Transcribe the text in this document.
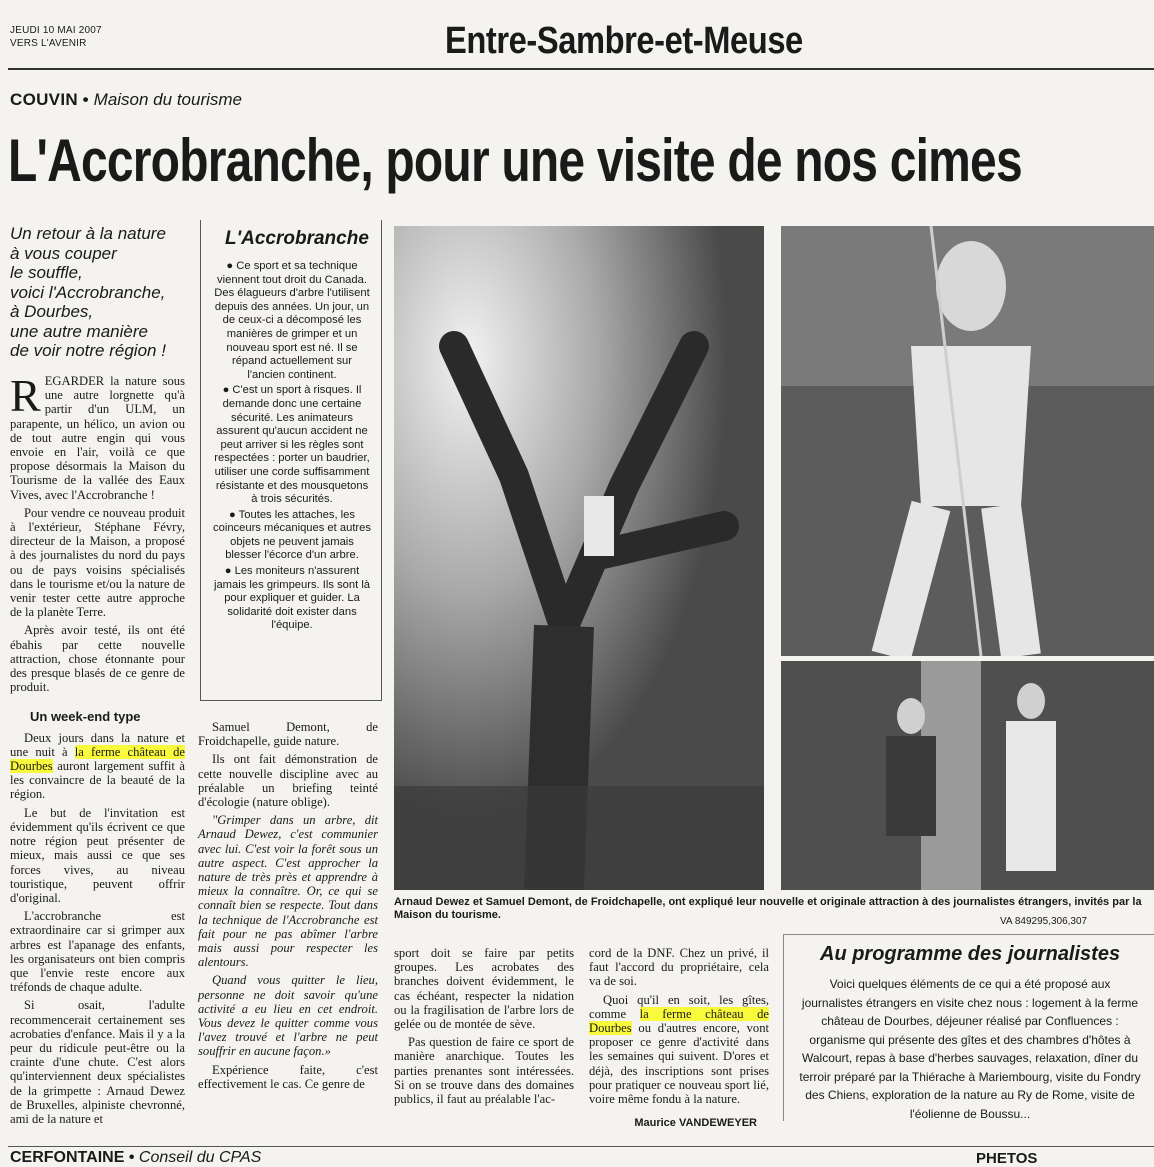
JEUDI 10 MAI 2007
VERS L'AVENIR	Entre-Sambre-et-Meuse
COUVIN • Maison du tourisme
L'Accrobranche, pour une visite de nos cimes
Un retour à la nature
à vous couper
le souffle,
voici l'Accrobranche,
à Dourbes,
une autre manière
de voir notre région !

REGARDER la nature sous une autre lorgnette qu'à partir d'un ULM, un parapente, un hélico, un avion ou de tout autre engin qui vous envoie en l'air, voilà ce que propose désormais la Maison du Tourisme de la vallée des Eaux Vives, avec l'Accrobranche !

Pour vendre ce nouveau produit à l'extérieur, Stéphane Févry, directeur de la Maison, a proposé à des journalistes du nord du pays ou de pays voisins spécialisés dans le tourisme et/ou la nature de venir tester cette autre approche de la planète Terre.

Après avoir testé, ils ont été ébahis par cette nouvelle attraction, chose étonnante pour des presque blasés de ce genre de produit.

Un week-end type

Deux jours dans la nature et une nuit à la ferme château de Dourbes auront largement suffit à les convaincre de la beauté de la région.

Le but de l'invitation est évidemment qu'ils écrivent ce que notre région peut présenter de mieux, mais aussi ce que ses forces vives, au niveau touristique, peuvent offrir d'original.

L'accrobranche est extraordinaire car si grimper aux arbres est l'apanage des enfants, les organisateurs ont bien compris que l'envie reste encore aux tréfonds de chaque adulte.

Si osait, l'adulte recommencerait certainement ses acrobaties d'enfance. Mais il y a la peur du ridicule peut-être ou la crainte d'une chute. C'est alors qu'interviennent deux spécialistes de la grimpette : Arnaud Dewez de Bruxelles, alpiniste chevronné, ami de la nature et

L'Accrobranche

● Ce sport et sa technique viennent tout droit du Canada. Des élagueurs d'arbre l'utilisent depuis des années. Un jour, un de ceux-ci a décomposé les manières de grimper et un nouveau sport est né. Il se répand actuellement sur l'ancien continent.

● C'est un sport à risques. Il demande donc une certaine sécurité. Les animateurs assurent qu'aucun accident ne peut arriver si les règles sont respectées : porter un baudrier, utiliser une corde suffisamment résistante et des mousquetons à trois sécurités.

● Toutes les attaches, les coinceurs mécaniques et autres objets ne peuvent jamais blesser l'écorce d'un arbre.

● Les moniteurs n'assurent jamais les grimpeurs. Ils sont là pour expliquer et guider. La solidarité doit exister dans l'équipe.

Samuel Demont, de Froidchapelle, guide nature.

Ils ont fait démonstration de cette nouvelle discipline avec au préalable un briefing teinté d'écologie (nature oblige).

"Grimper dans un arbre, dit Arnaud Dewez, c'est communier avec lui. C'est voir la forêt sous un autre aspect. C'est approcher la nature de très près et apprendre à mieux la connaître. Or, ce qui se connaît bien se respecte. Tout dans la technique de l'Accrobranche est fait pour ne pas abîmer l'arbre mais aussi pour respecter les alentours.

Quand vous quitter le lieu, personne ne doit savoir qu'une activité a eu lieu en cet endroit. Vous devez le quitter comme vous l'avez trouvé et l'arbre ne peut souffrir en aucune façon.»

Expérience faite, c'est effectivement le cas. Ce genre de

Arnaud Dewez et Samuel Demont, de Froidchapelle, ont expliqué leur nouvelle et originale attraction à des journalistes étrangers, invités par la Maison du tourisme.
VA 849295,306,307

sport doit se faire par petits groupes. Les acrobates des branches doivent évidemment, le cas échéant, respecter la nidation ou la fragilisation de l'arbre lors de gelée ou de montée de sève.

Pas question de faire ce sport de manière anarchique. Toutes les parties prenantes sont intéressées. Si on se trouve dans des domaines publics, il faut au préalable l'ac-

cord de la DNF. Chez un privé, il faut l'accord du propriétaire, cela va de soi.

Quoi qu'il en soit, les gîtes, comme la ferme château de Dourbes ou d'autres encore, vont proposer ce genre d'activité dans les semaines qui suivent. D'ores et déjà, des inscriptions sont prises pour pratiquer ce nouveau sport lié, voire même fondu à la nature.

Maurice VANDEWEYER
Au programme des journalistes
Voici quelques éléments de ce qui a été proposé aux journalistes étrangers en visite chez nous : logement à la ferme château de Dourbes, déjeuner réalisé par Confluences : organisme qui présente des gîtes et des chambres d'hôtes à Walcourt, repas à base d'herbes sauvages, relaxation, dîner du terroir préparé par la Thiérache à Mariembourg, visite du Fondry des Chiens, exploration de la nature au Ry de Rome, visite de l'éolienne de Boussu...
CERFONTAINE • Conseil du CPAS	PHETOS
